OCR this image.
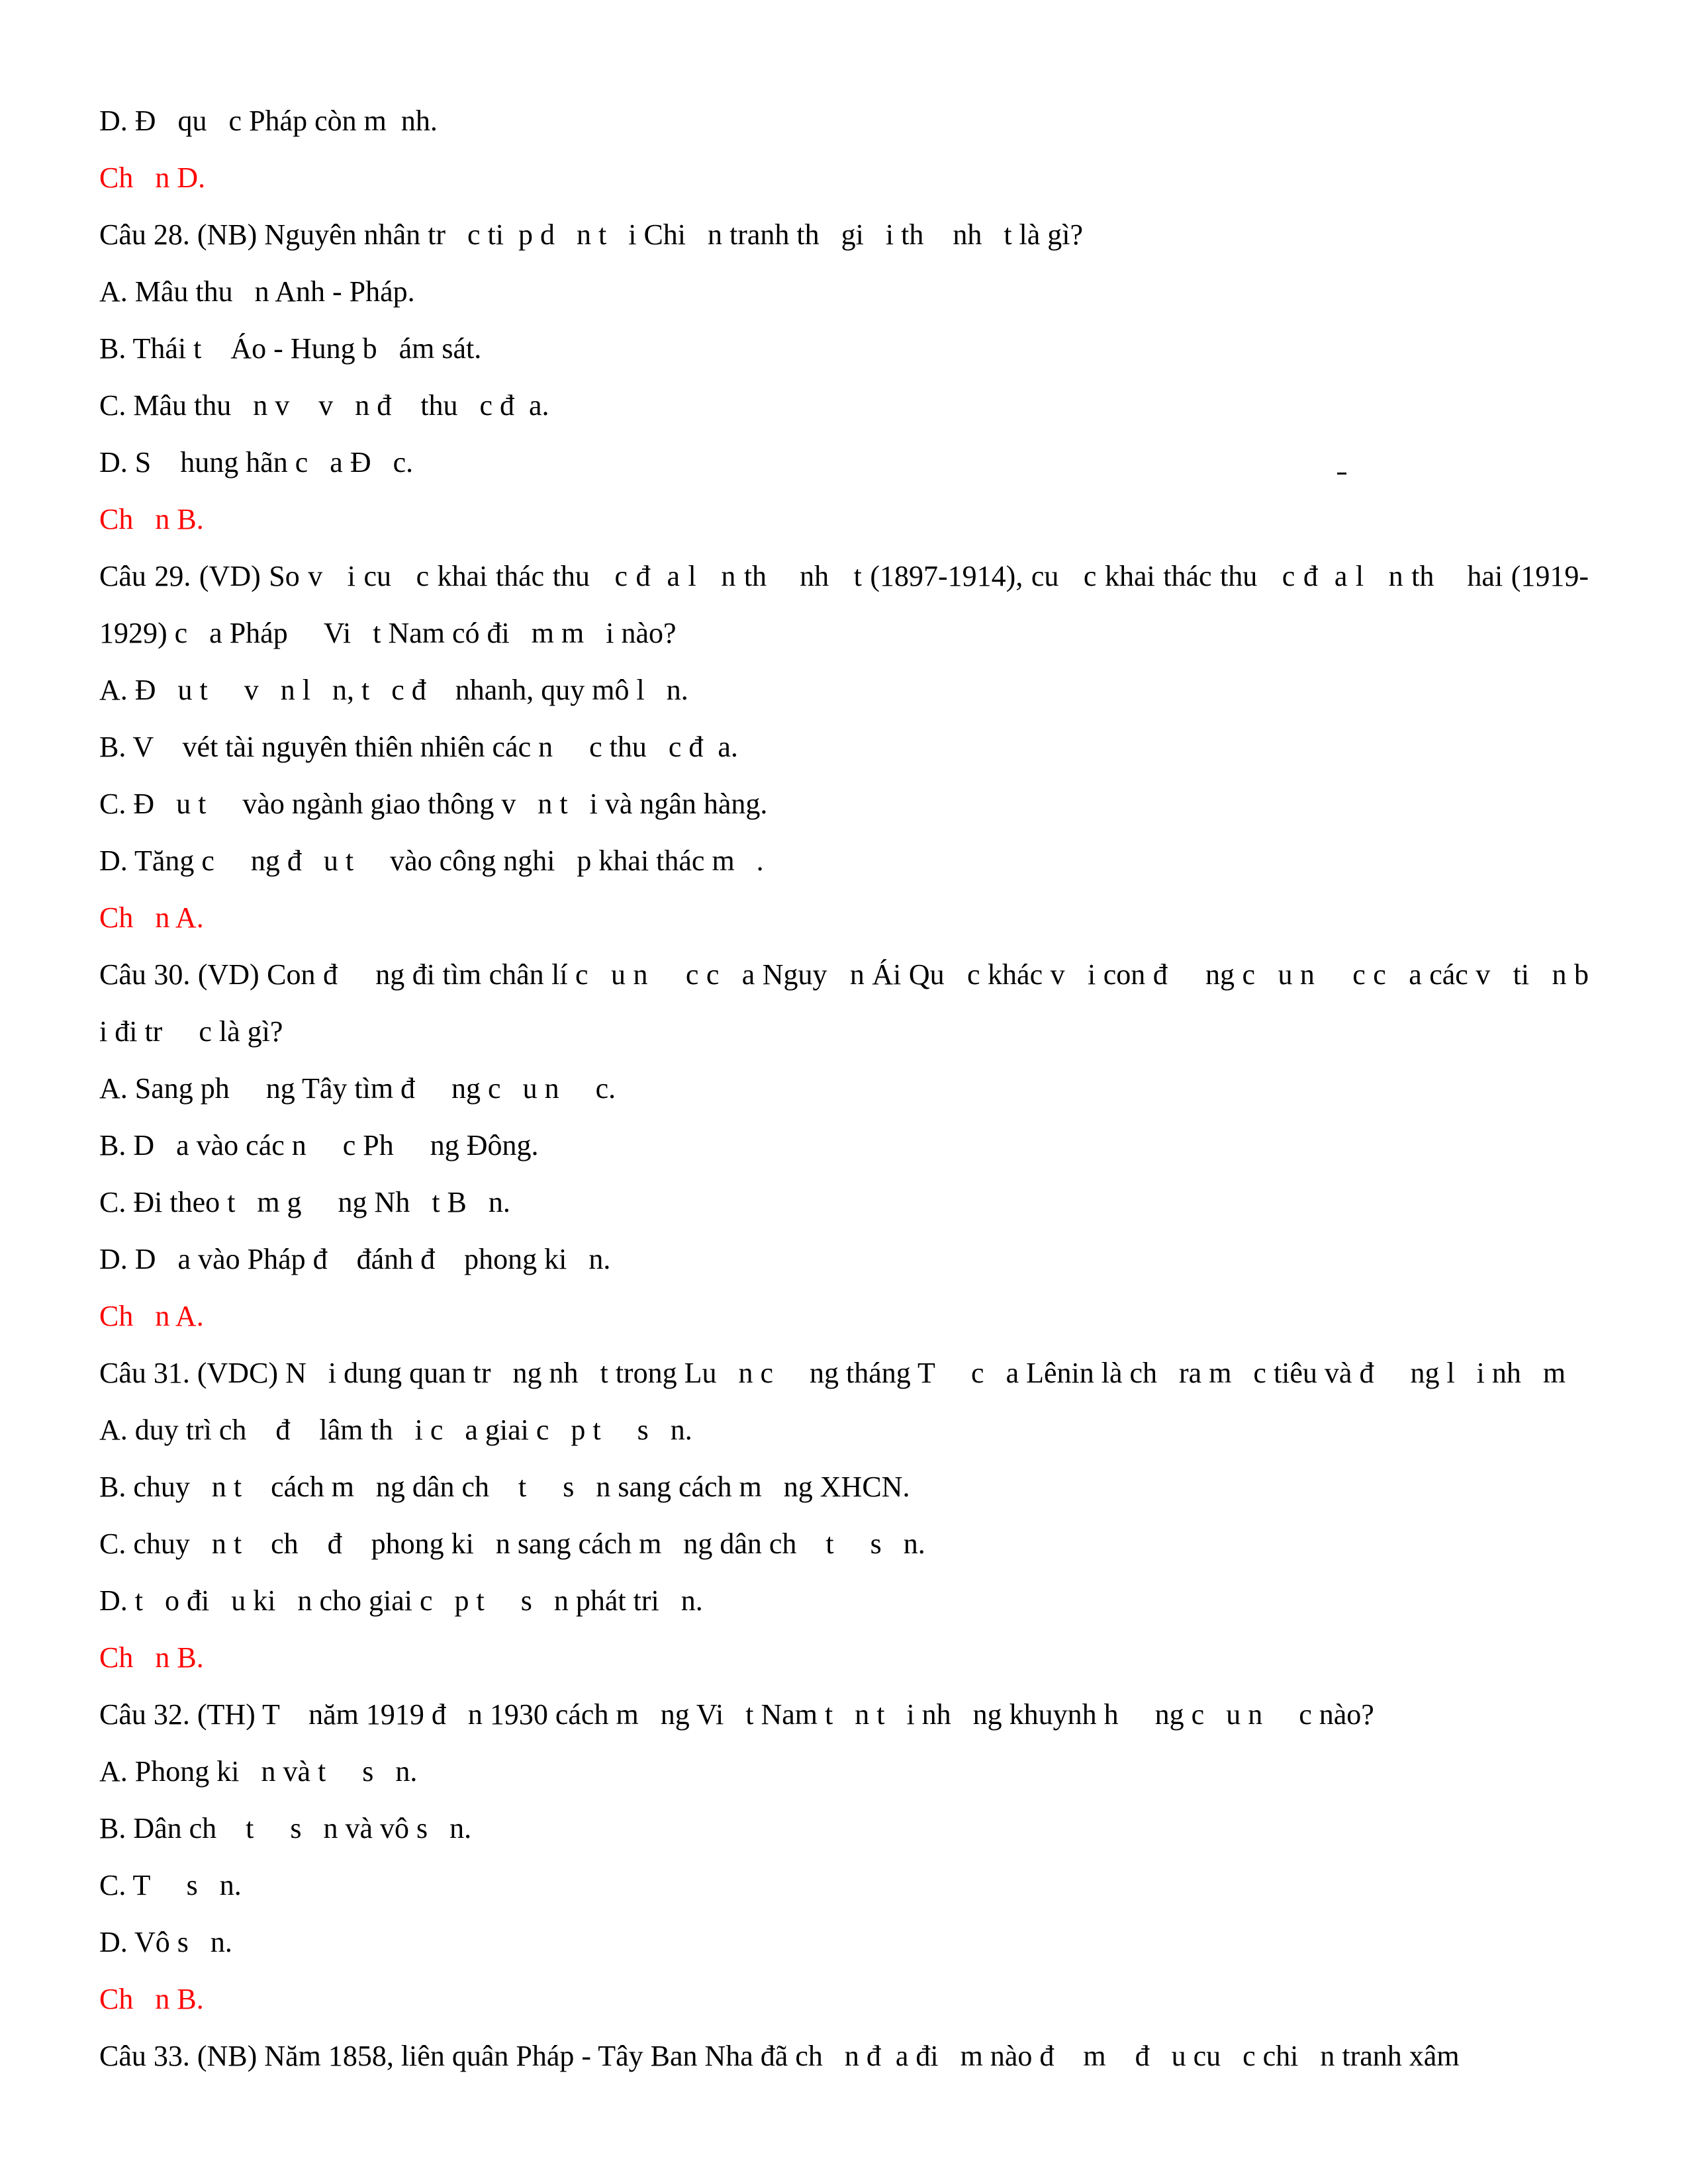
D. Đ   qu   c Pháp còn m  nh.
Ch   n D.
Câu 28. (NB) Nguyên nhân tr   c ti  p d   n t   i Chi   n tranh th   gi   i th    nh   t là gì?
A. Mâu thu   n Anh - Pháp.
B. Thái t    Áo - Hung b   ám sát.
C. Mâu thu   n v    v   n đ    thu   c đ  a.
D. S    hung hãn c   a Đ   c.
Ch   n B.
Câu 29. (VD) So v   i cu   c khai thác thu   c đ  a l   n th    nh   t (1897-1914), cu   c khai thác thu   c đ  a l   n th    hai (1919-1929) c   a Pháp     Vi   t Nam có đi   m m   i nào?
A. Đ   u t     v   n l   n, t   c đ    nhanh, quy mô l   n.
B. V    vét tài nguyên thiên nhiên các n     c thu   c đ  a.
C. Đ   u t     vào ngành giao thông v   n t   i và ngân hàng.
D. Tăng c     ng đ   u t     vào công nghi   p khai thác m   .
Ch   n A.
Câu 30. (VD) Con đ     ng đi tìm chân lí c   u n     c c   a Nguy   n Ái Qu   c khác v   i con đ     ng c   u n     c c   a các v   ti   n b   i đi tr     c là gì?
A. Sang ph     ng Tây tìm đ     ng c   u n     c.
B. D   a vào các n     c Ph     ng Đông.
C. Đi theo t   m g     ng Nh   t B   n.
D. D   a vào Pháp đ    đánh đ    phong ki   n.
Ch   n A.
Câu 31. (VDC) N   i dung quan tr   ng nh   t trong Lu   n c     ng tháng T     c   a Lênin là ch   ra m   c tiêu và đ     ng l   i nh   m
A. duy trì ch    đ    lâm th   i c   a giai c   p t     s   n.
B. chuy   n t    cách m   ng dân ch    t     s   n sang cách m   ng XHCN.
C. chuy   n t    ch    đ    phong ki   n sang cách m   ng dân ch    t     s   n.
D. t   o đi   u ki   n cho giai c   p t     s   n phát tri   n.
Ch   n B.
Câu 32. (TH) T    năm 1919 đ   n 1930 cách m   ng Vi   t Nam t   n t   i nh   ng khuynh h     ng c   u n     c nào?
A. Phong ki   n và t     s   n.
B. Dân ch    t     s   n và vô s   n.
C. T     s   n.
D. Vô s   n.
Ch   n B.
Câu 33. (NB) Năm 1858, liên quân Pháp - Tây Ban Nha đã ch   n đ  a đi   m nào đ    m    đ   u cu   c chi   n tranh xâm
